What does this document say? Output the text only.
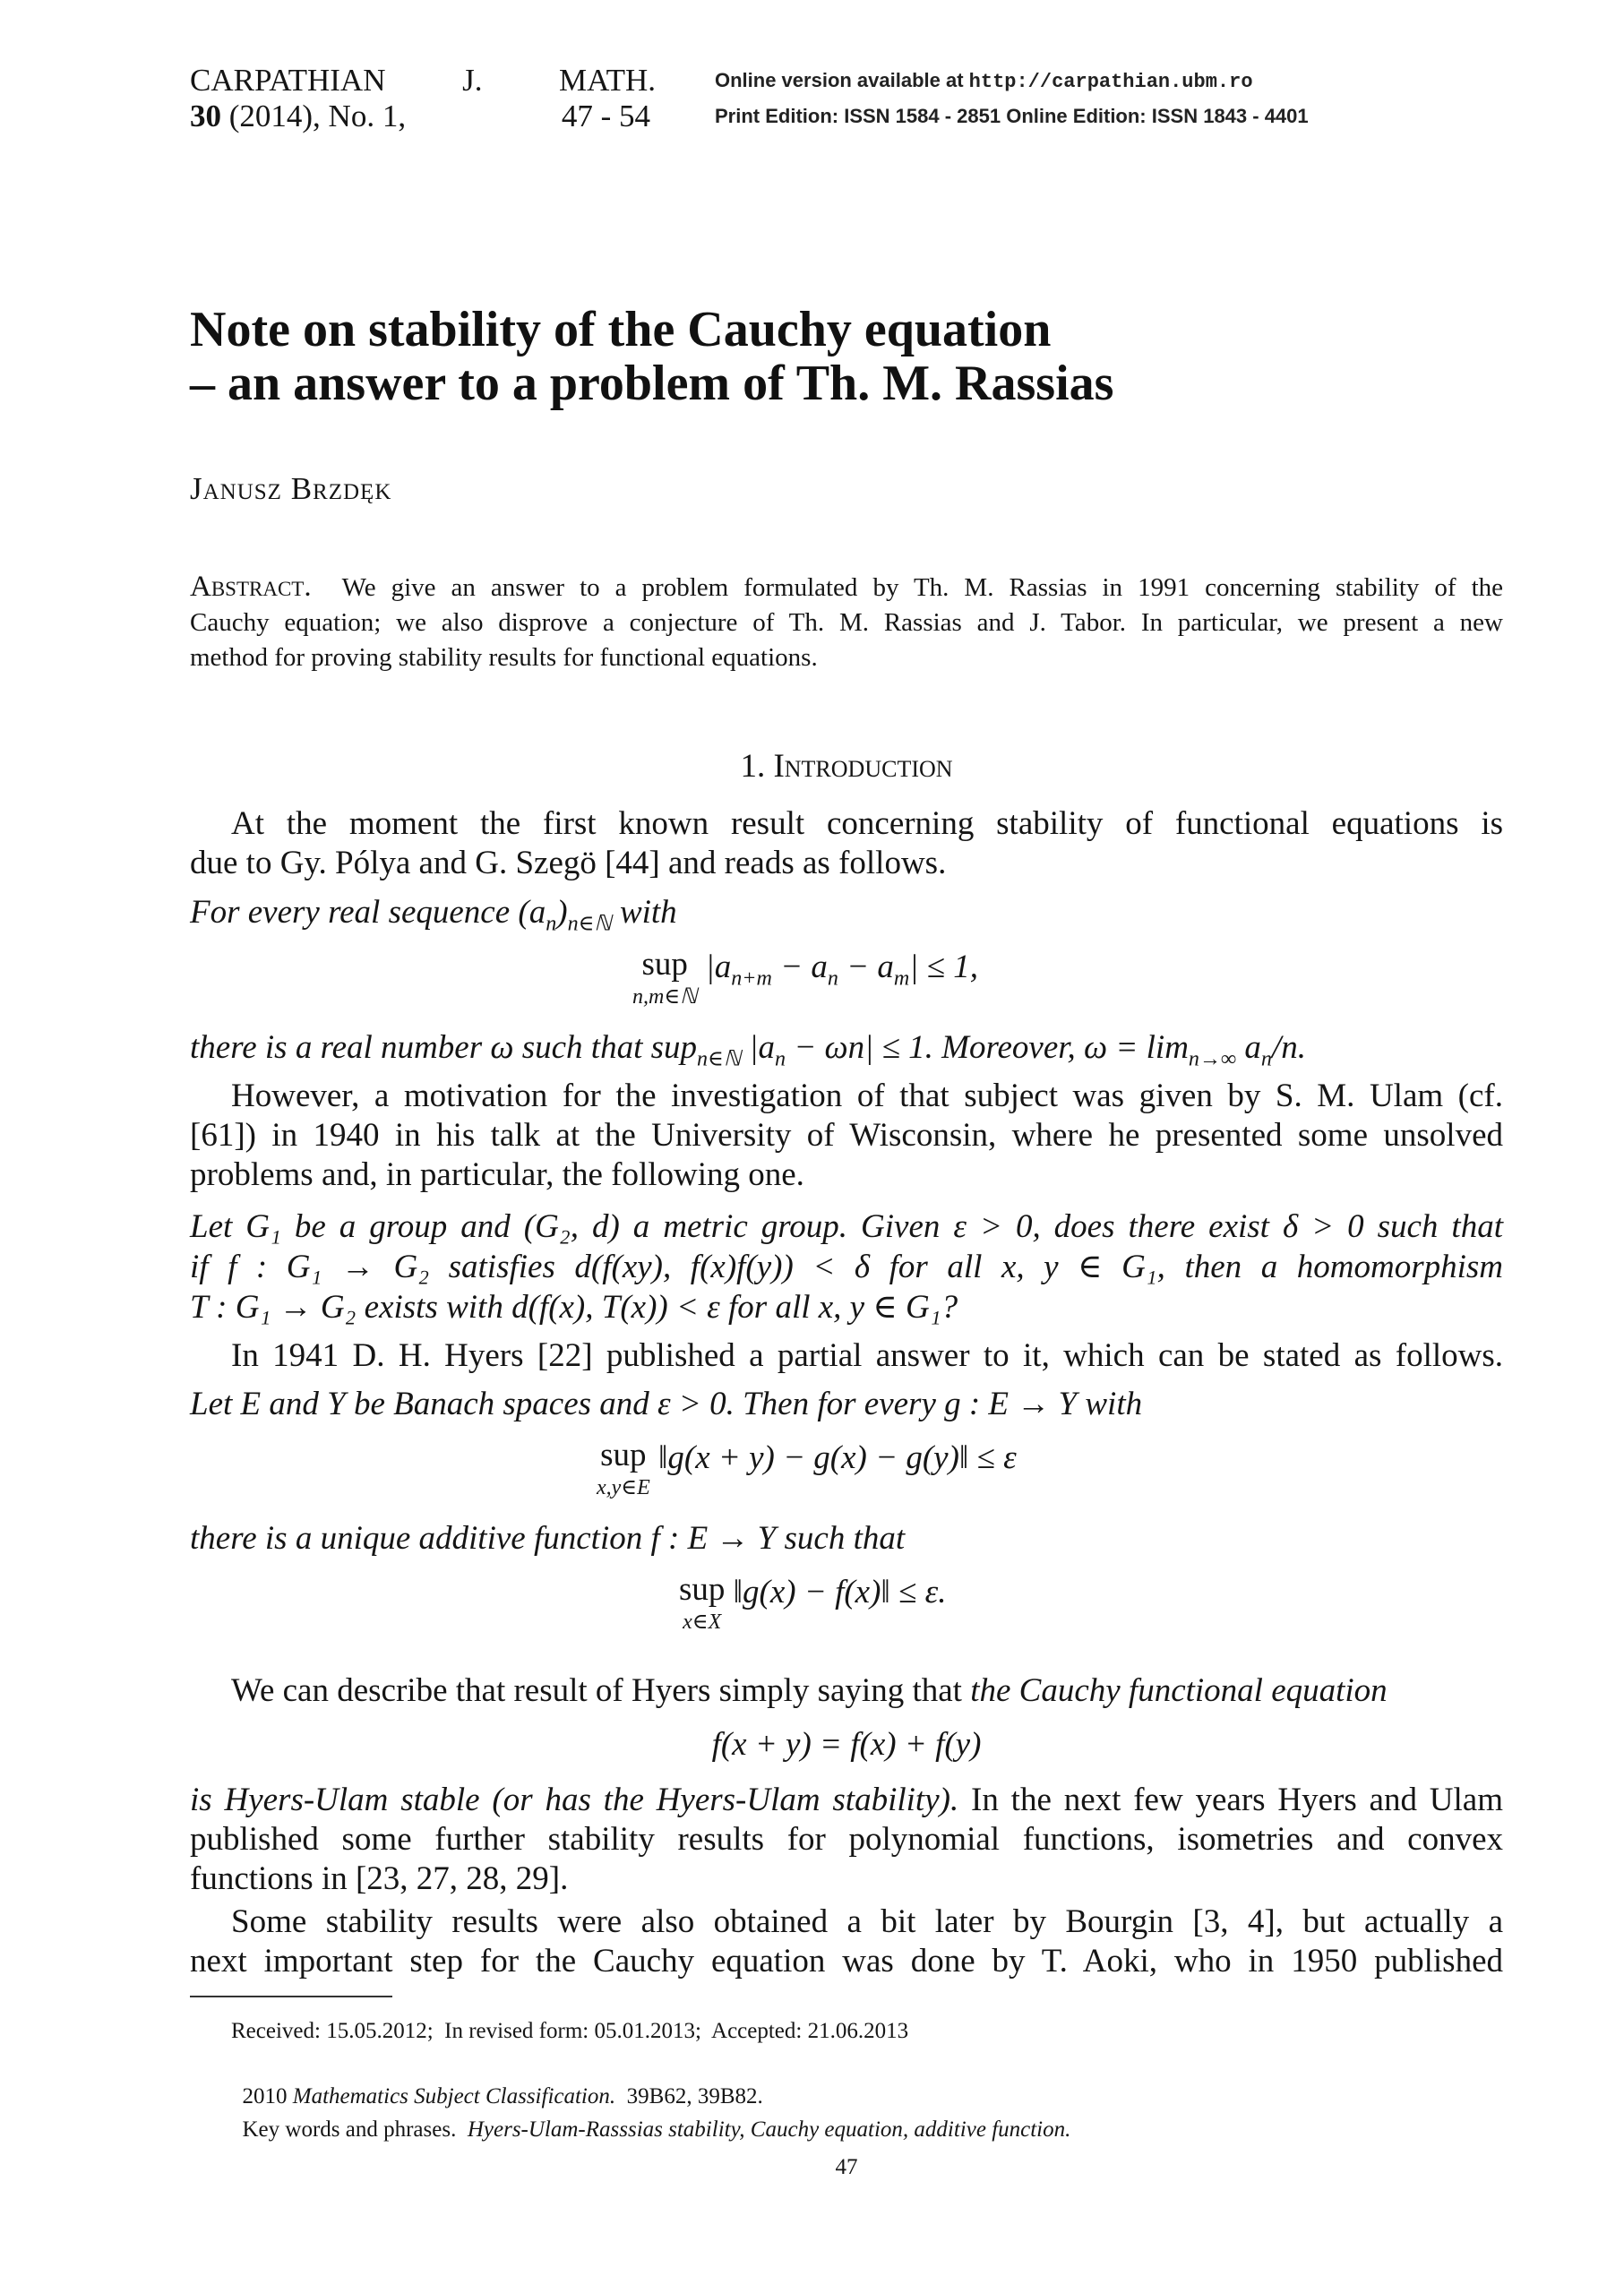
CARPATHIAN J. MATH.
30 (2014), No. 1,	47 - 54
Online version available at http://carpathian.ubm.ro
Print Edition: ISSN 1584 - 2851 Online Edition: ISSN 1843 - 4401
Note on stability of the Cauchy equation
– an answer to a problem of Th. M. Rassias
Janusz Brzdęk
Abstract. We give an answer to a problem formulated by Th. M. Rassias in 1991 concerning stability of the
Cauchy equation; we also disprove a conjecture of Th. M. Rassias and J. Tabor. In particular, we present a new
method for proving stability results for functional equations.
1. Introduction
At the moment the first known result concerning stability of functional equations is
due to Gy. Pólya and G. Szegö [44] and reads as follows.
For every real sequence $(a_n)_{n\in ℕ}$ with
sup
n,m∈ℕ
$|a_{n+m} - a_n - a_m| \le 1$,
there is a real number ω such that sup$_{n\in ℕ}$ $|a_n - \omega n| \le 1$. Moreover, $\omega = \lim_{n\to\infty} a_n/n$.
However, a motivation for the investigation of that subject was given by S. M. Ulam (cf.
[61]) in 1940 in his talk at the University of Wisconsin, where he presented some unsolved
problems and, in particular, the following one.
Let G₁ be a group and (G₂, d) a metric group. Given ε > 0, does there exist δ > 0 such that
if f : G₁ → G₂ satisfies d(f(xy), f(x)f(y)) < δ for all x, y ∈ G₁, then a homomorphism
T : G₁ → G₂ exists with d(f(x), T(x)) < ε for all x, y ∈ G₁?
In 1941 D. H. Hyers [22] published a partial answer to it, which can be stated as follows.
Let E and Y be Banach spaces and ε > 0. Then for every g : E → Y with
sup
x,y∈E
‖g(x + y) − g(x) − g(y)‖ ≤ ε
there is a unique additive function f : E → Y such that
sup
x∈X
‖g(x) − f(x)‖ ≤ ε.
We can describe that result of Hyers simply saying that the Cauchy functional equation
f(x + y) = f(x) + f(y)
is Hyers-Ulam stable (or has the Hyers-Ulam stability). In the next few years Hyers and Ulam
published some further stability results for polynomial functions, isometries and convex
functions in [23, 27, 28, 29].
Some stability results were also obtained a bit later by Bourgin [3, 4], but actually a
next important step for the Cauchy equation was done by T. Aoki, who in 1950 published
Received: 15.05.2012;  In revised form: 05.01.2013;  Accepted: 21.06.2013

2010 Mathematics Subject Classification.  39B62, 39B82.

Key words and phrases.  Hyers-Ulam-Rasssias stability, Cauchy equation, additive function.

47
